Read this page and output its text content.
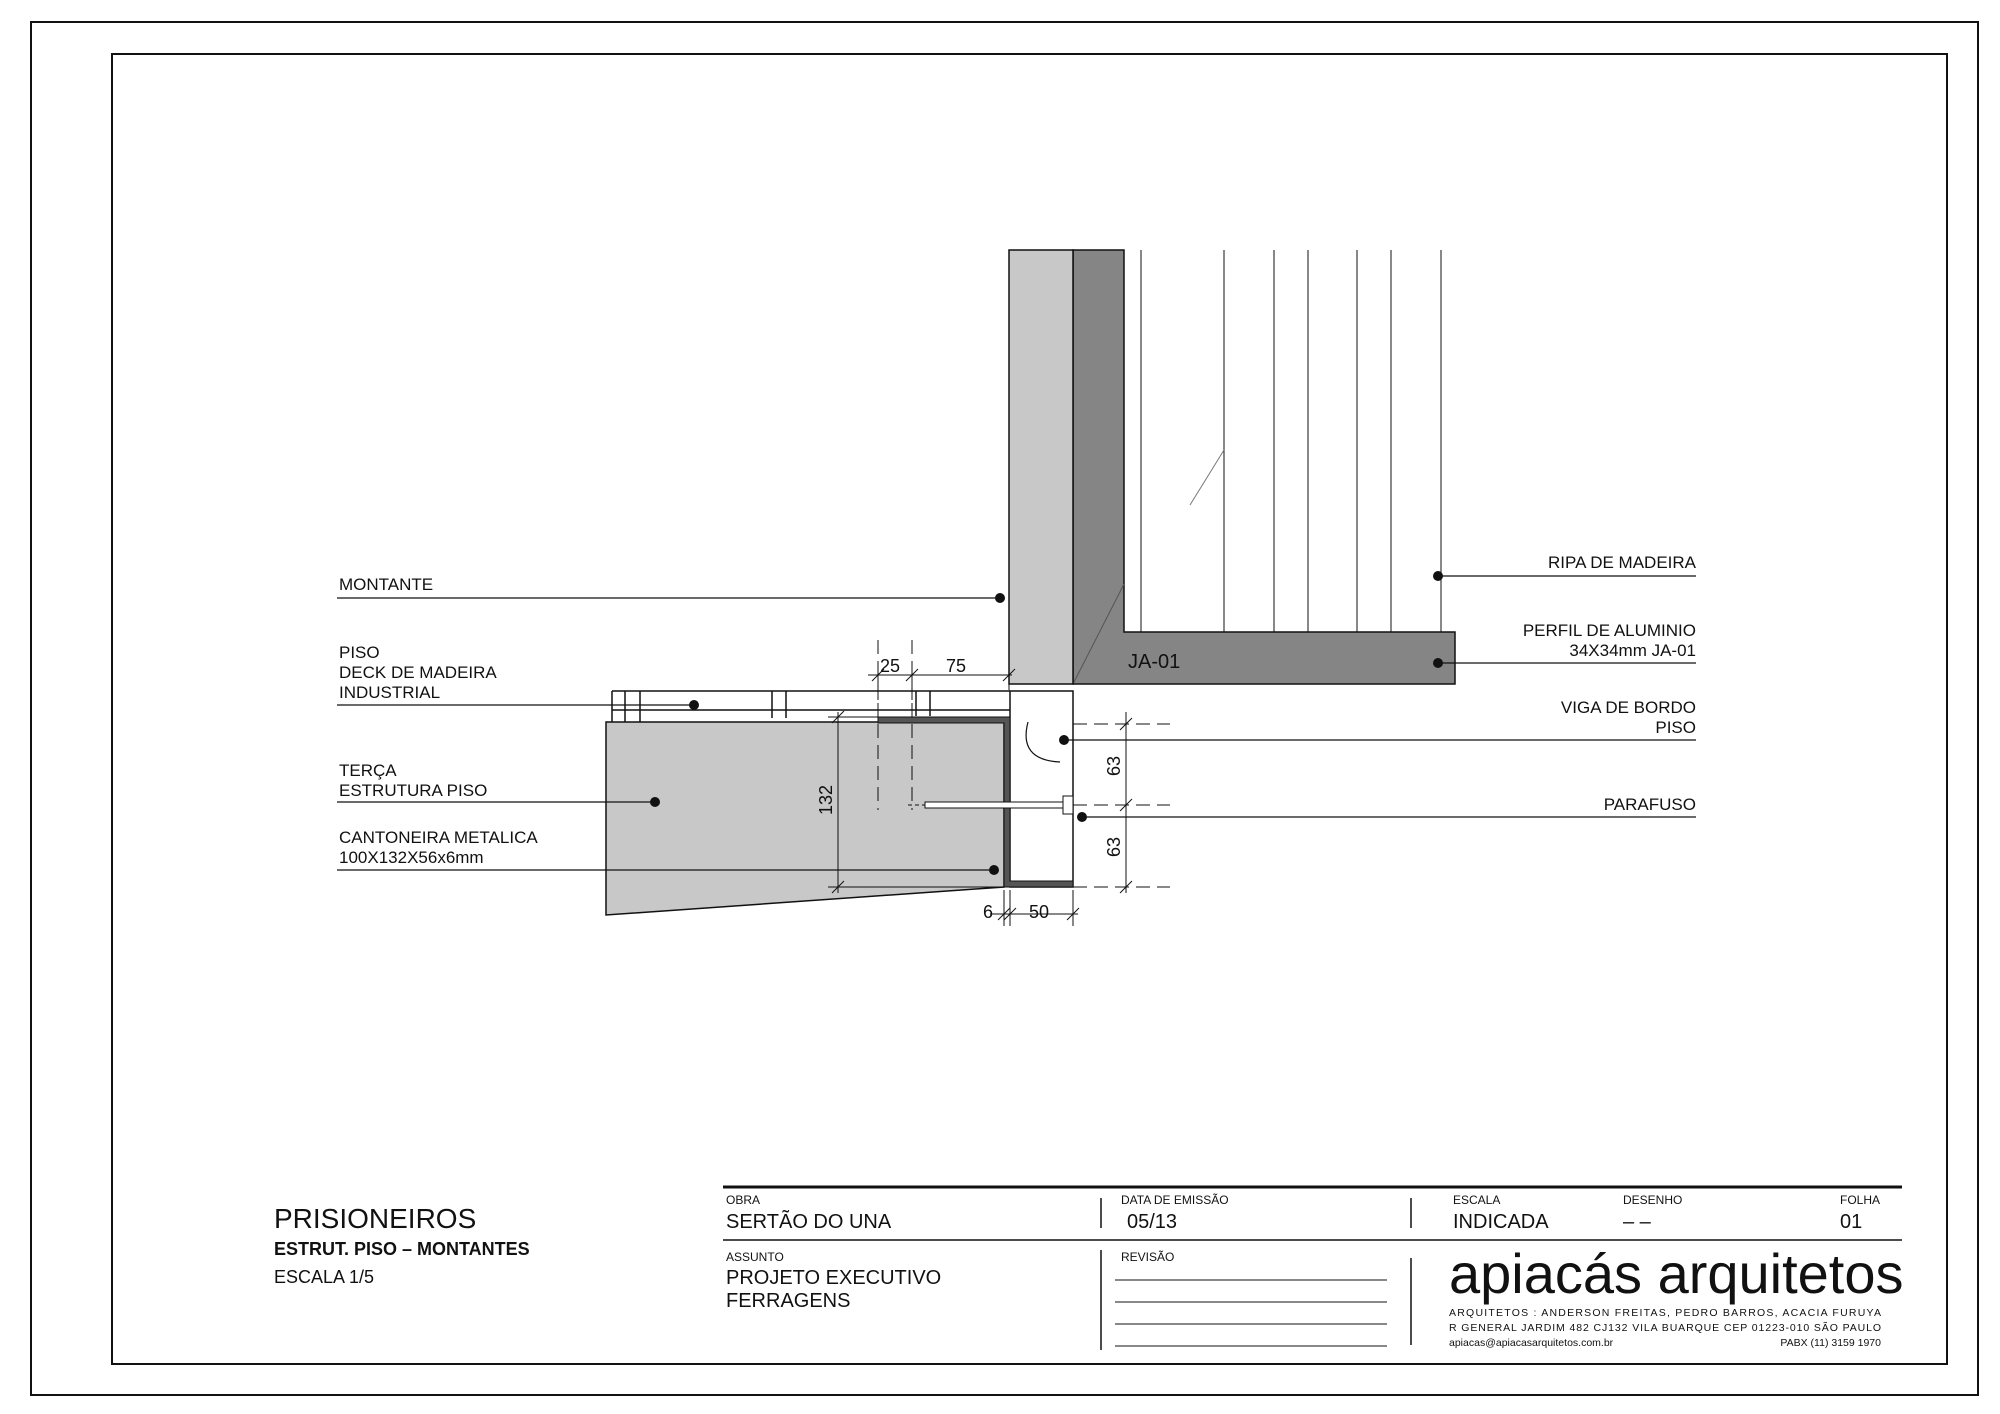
25	75
132
63
63
6 50
JA-01
MONTANTE
PISO
DECK DE MADEIRA
INDUSTRIAL
TERÇA
ESTRUTURA PISO
CANTONEIRA METALICA
100X132X56x6mm
RIPA DE MADEIRA
PERFIL DE ALUMINIO
34X34mm JA-01
VIGA DE BORDO
PISO
PARAFUSO
PRISIONEIROS
ESTRUT. PISO – MONTANTES
ESCALA 1/5
OBRA
SERTÃO DO UNA
ASSUNTO
PROJETO EXECUTIVO
FERRAGENS
DATA DE EMISSÃO
05/13
REVISÃO
ESCALA
INDICADA
DESENHO
– –
FOLHA
01
apiacás arquitetos
ARQUITETOS : ANDERSON FREITAS, PEDRO BARROS, ACACIA FURUYA
R GENERAL JARDIM 482 CJ132 VILA BUARQUE CEP 01223-010 SÃO PAULO
apiacas@apiacasarquitetos.com.br	PABX (11) 3159 1970
